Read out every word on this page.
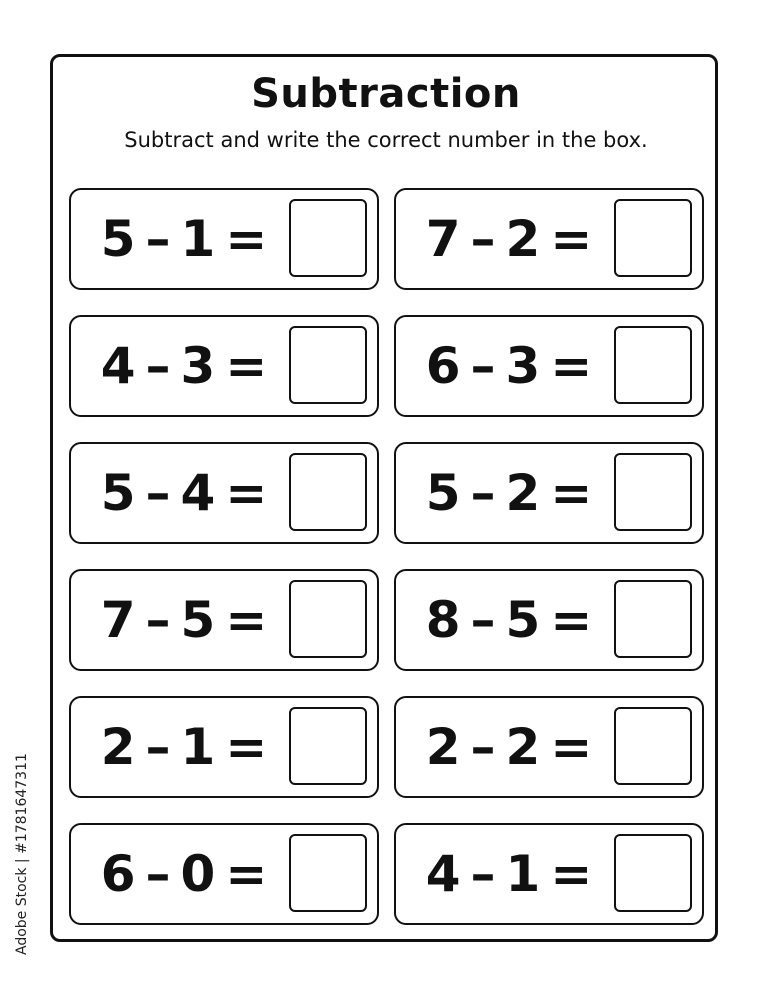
Subtraction
Subtract and write the correct number in the box.
5 – 1 =	7 – 2 =
4 – 3 =	6 – 3 =
5 – 4 =	5 – 2 =
7 – 5 =	8 – 5 =
2 – 1 =	2 – 2 =
6 – 0 =	4 – 1 =
Adobe Stock | #1781647311
